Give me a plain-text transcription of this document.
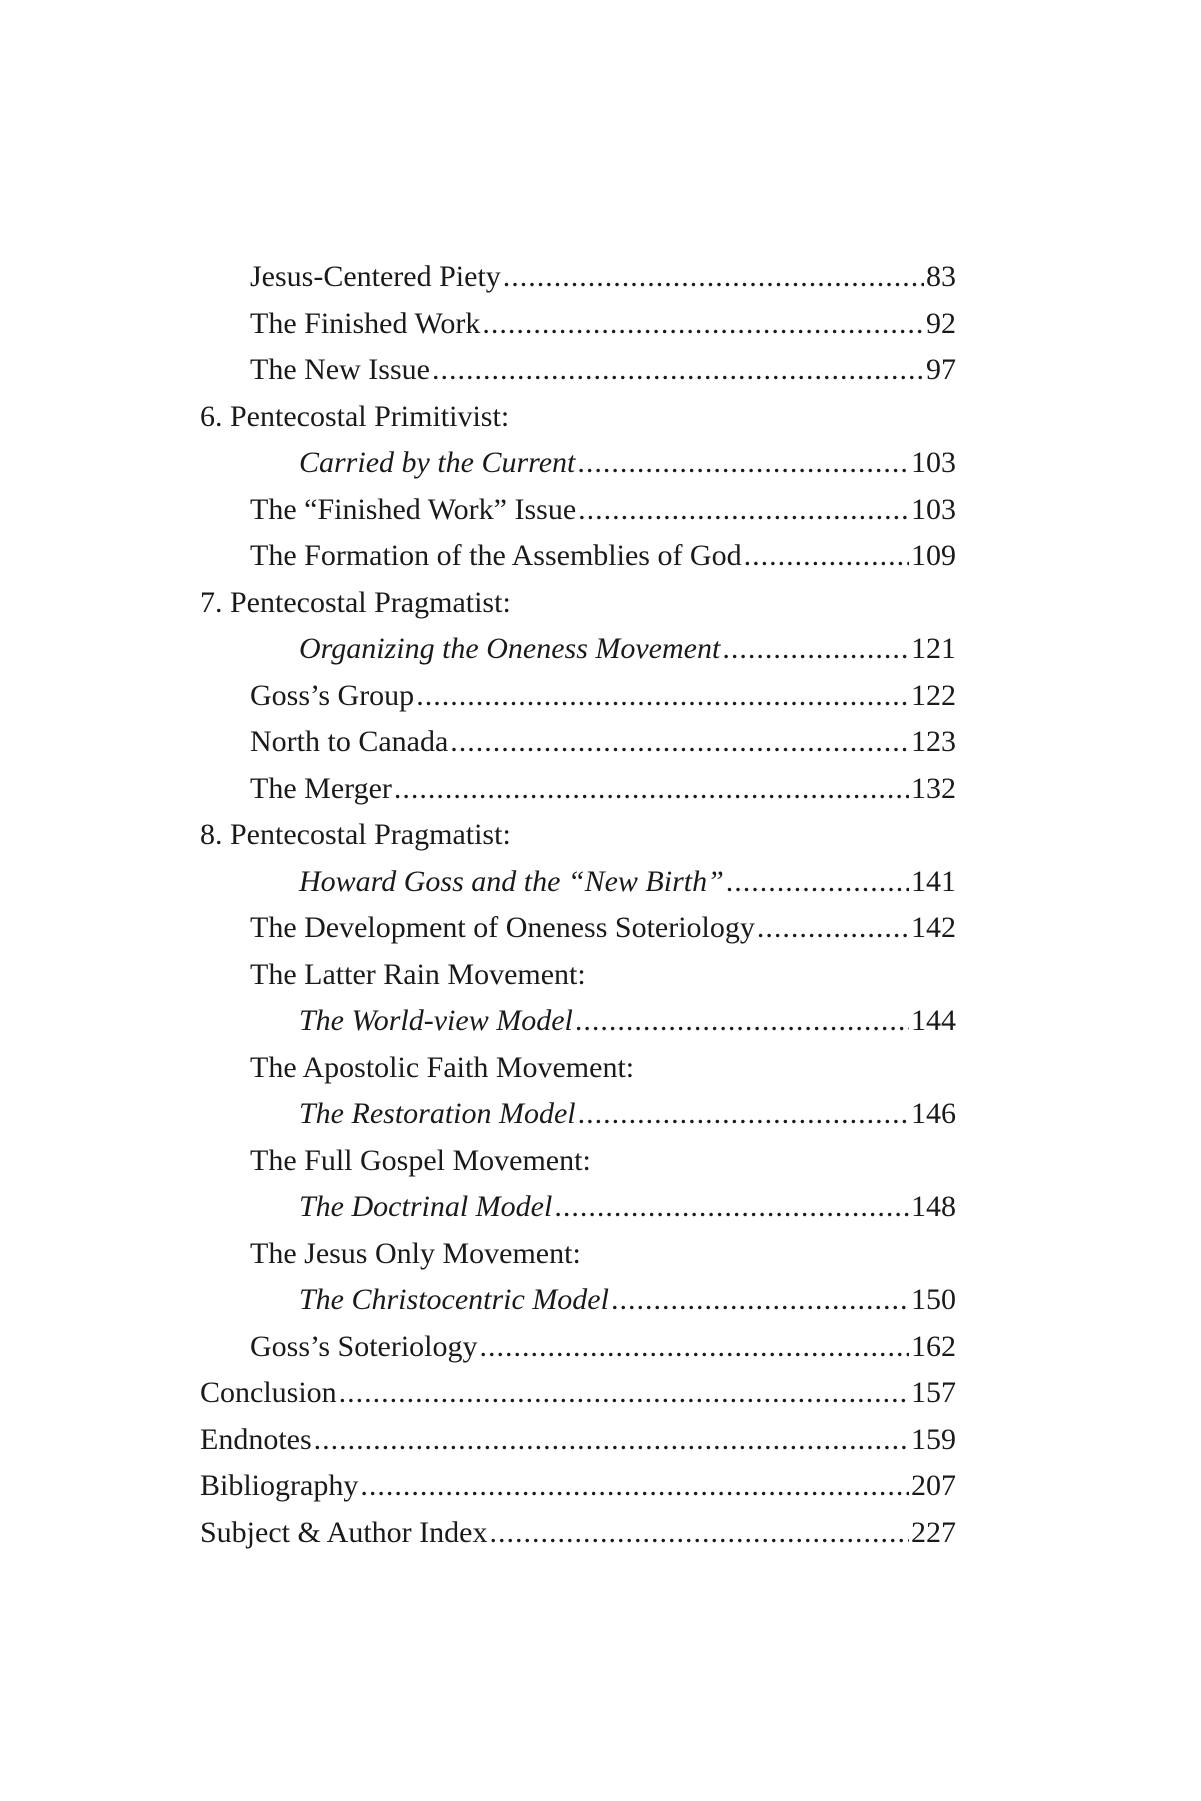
Jesus-Centered Piety .....	83
The Finished Work .....	92
The New Issue .....	97
6. Pentecostal Primitivist:
Carried by the Current .....	103
The “Finished Work” Issue .....	103
The Formation of the Assemblies of God .....	109
7. Pentecostal Pragmatist:
Organizing the Oneness Movement .....	121
Goss’s Group .....	122
North to Canada .....	123
The Merger .....	132
8. Pentecostal Pragmatist:
Howard Goss and the “New Birth” .....	141
The Development of Oneness Soteriology .....	142
The Latter Rain Movement:
The World-view Model .....	144
The Apostolic Faith Movement:
The Restoration Model .....	146
The Full Gospel Movement:
The Doctrinal Model .....	148
The Jesus Only Movement:
The Christocentric Model .....	150
Goss’s Soteriology .....	162
Conclusion .....	157
Endnotes .....	159
Bibliography .....	207
Subject & Author Index .....	227
